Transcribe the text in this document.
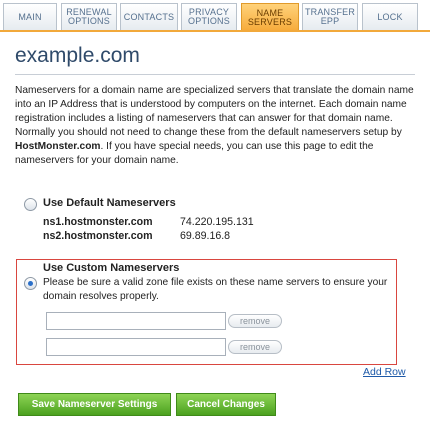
MAIN	RENEWAL
OPTIONS	CONTACTS	PRIVACY
OPTIONS
NAME
SERVERS
TRANSFER
EPP	LOCK
example.com
Nameservers for a domain name are specialized servers that translate the domain name into an IP Address that is understood by computers on the internet. Each domain name registration includes a listing of nameservers that can answer for that domain name. Normally you should not need to change these from the default nameservers setup by HostMonster.com. If you have special needs, you can use this page to edit the nameservers for your domain name.
Use Default Nameservers
ns1.hostmonster.com	74.220.195.131
ns2.hostmonster.com	69.89.16.8
Use Custom Nameservers
Please be sure a valid zone file exists on these name servers to ensure your domain resolves properly.
remove
remove
Add Row
Save Nameserver Settings	Cancel Changes
